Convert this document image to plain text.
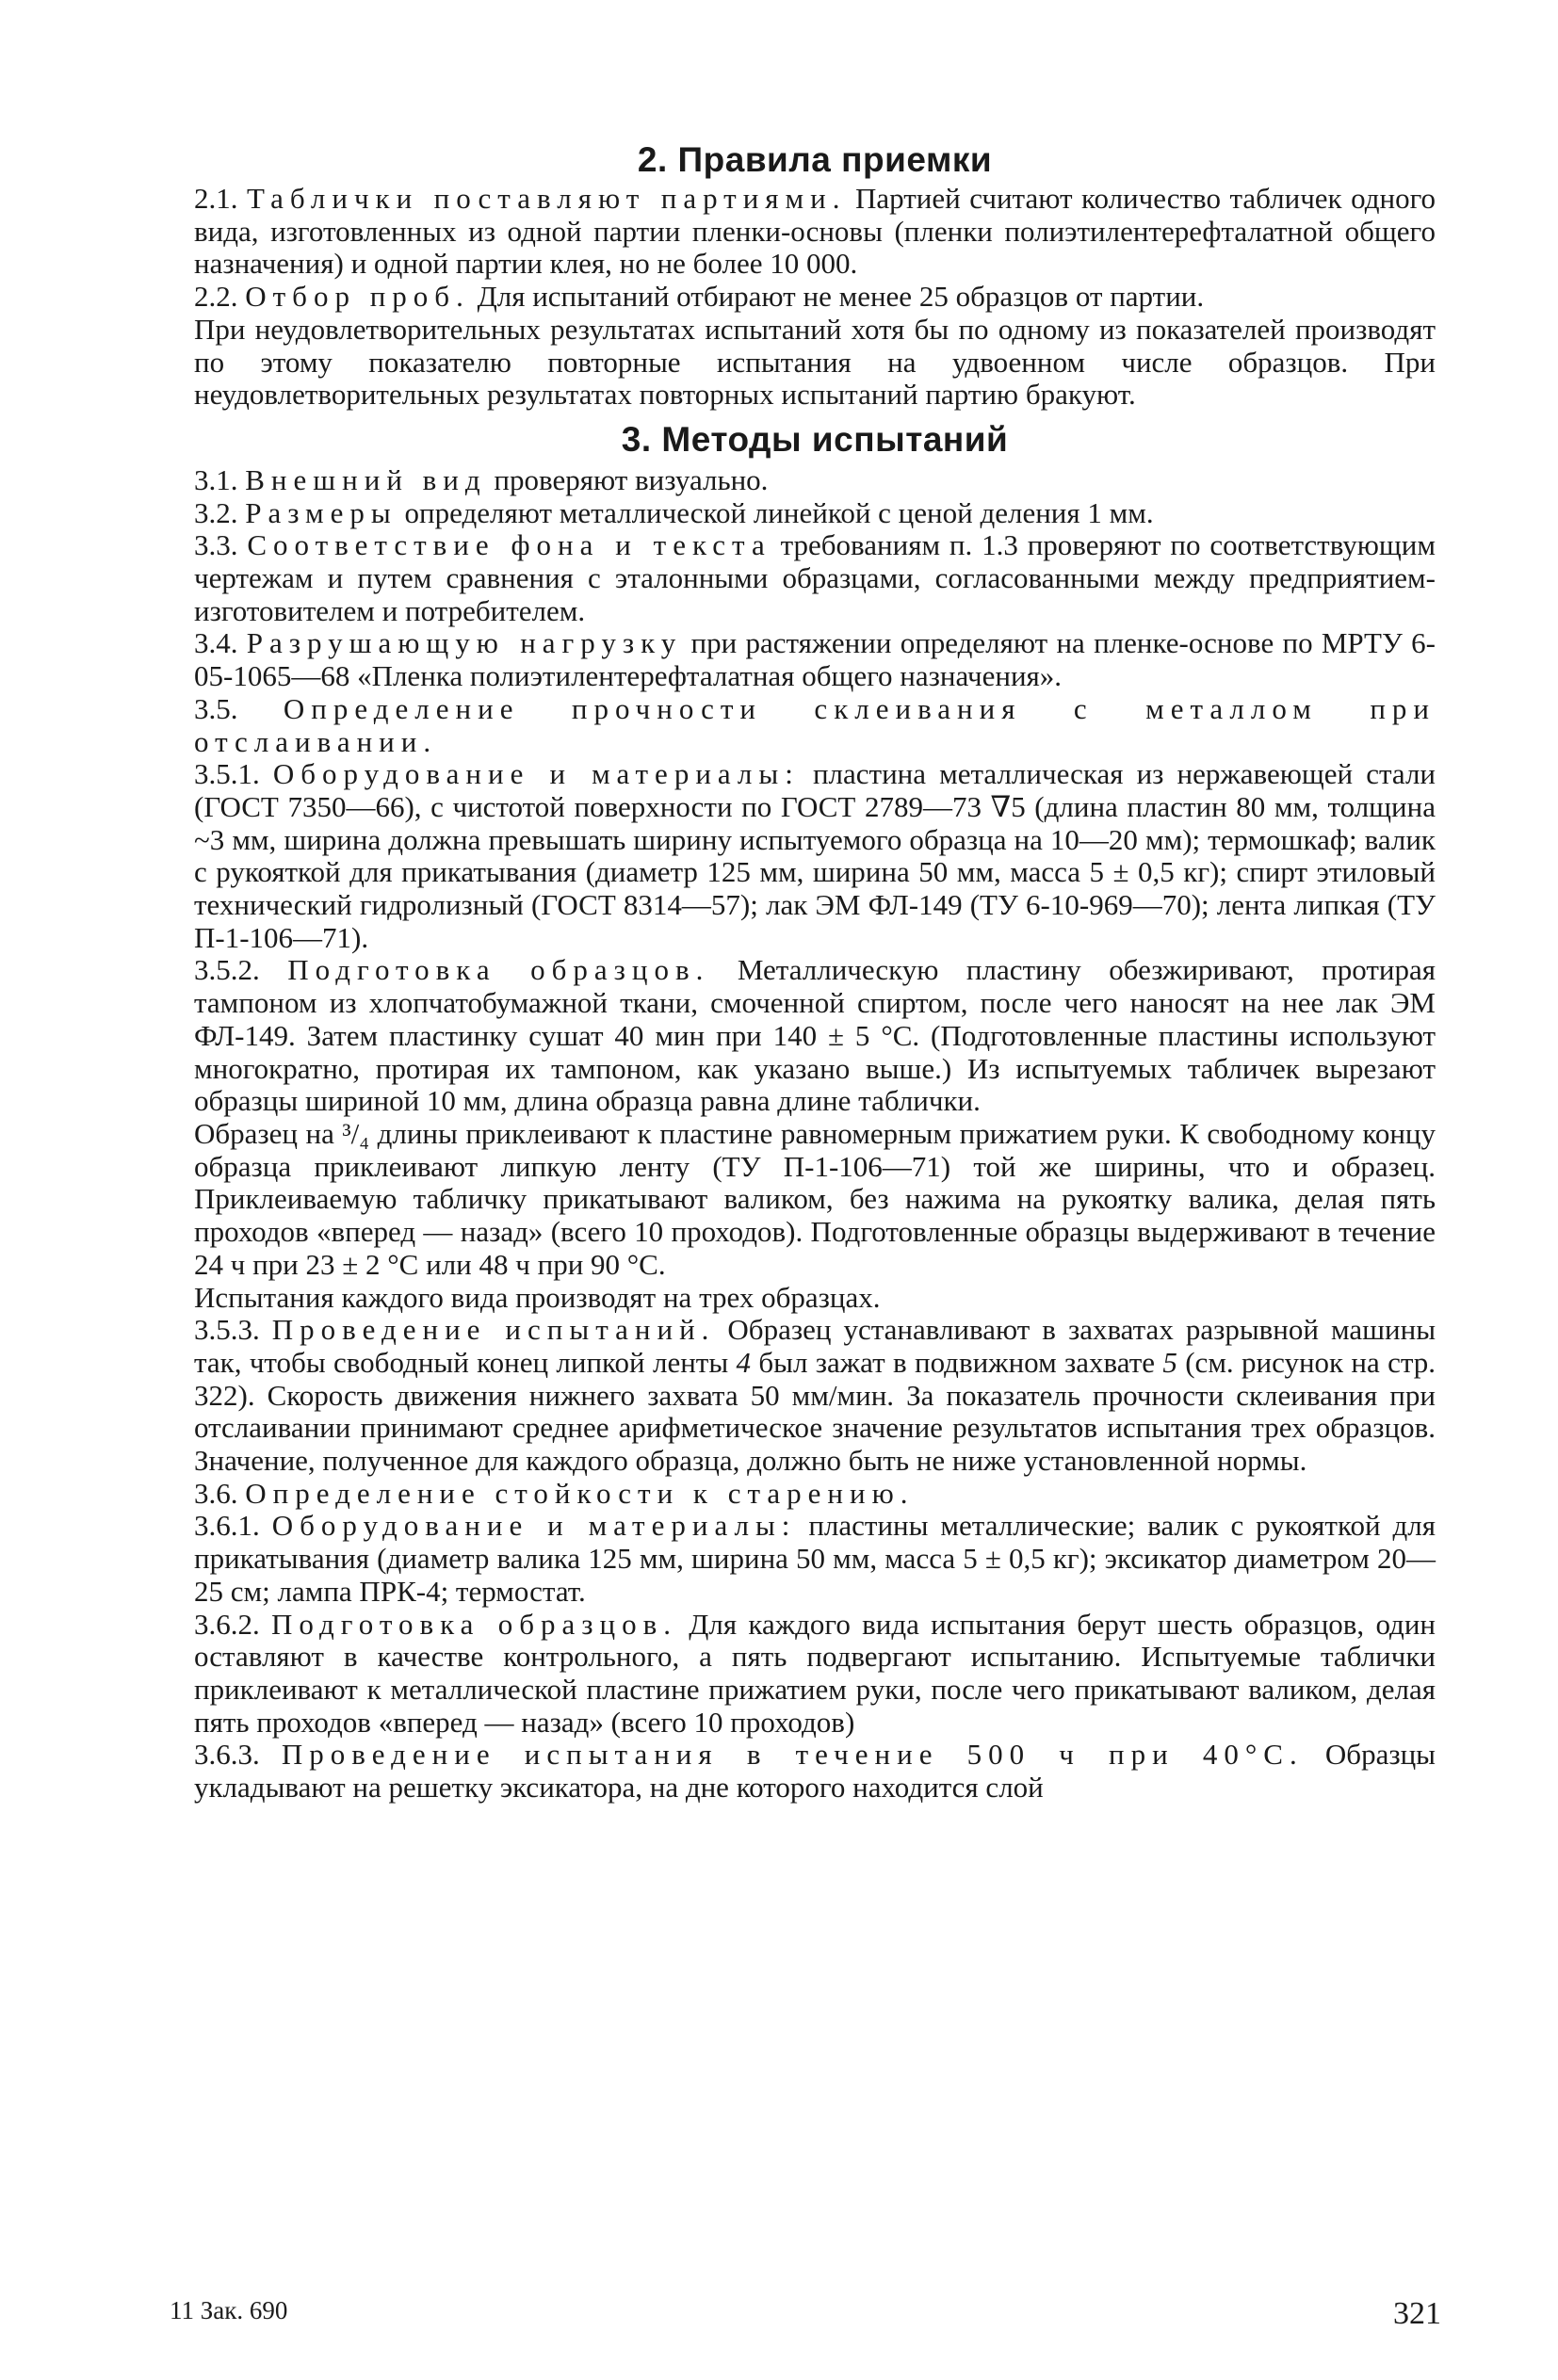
2. Правила приемки

2.1. Таблички поставляют партиями. Партией считают количество табличек одного вида, изготовленных из одной партии пленки-основы (пленки полиэтилентерефталатной общего назначения) и одной партии клея, но не более 10 000.

2.2. Отбор проб. Для испытаний отбирают не менее 25 образцов от партии.

При неудовлетворительных результатах испытаний хотя бы по одному из показателей производят по этому показателю повторные испытания на удвоенном числе образцов. При неудовлетворительных результатах повторных испытаний партию бракуют.

3. Методы испытаний

3.1. Внешний вид проверяют визуально.

3.2. Размеры определяют металлической линейкой с ценой деления 1 мм.

3.3. Соответствие фона и текста требованиям п. 1.3 проверяют по соответствующим чертежам и путем сравнения с эталонными образцами, согласованными между предприятием-изготовителем и потребителем.

3.4. Разрушающую нагрузку при растяжении определяют на пленке-основе по МРТУ 6-05-1065—68 «Пленка полиэтилентерефталатная общего назначения».

3.5. Определение прочности склеивания с металлом при отслаивании.

3.5.1. Оборудование и материалы: пластина металлическая из нержавеющей стали (ГОСТ 7350—66), с чистотой поверхности по ГОСТ 2789—73 ∇5 (длина пластин 80 мм, толщина ~3 мм, ширина должна превышать ширину испытуемого образца на 10—20 мм); термошкаф; валик с рукояткой для прикатывания (диаметр 125 мм, ширина 50 мм, масса 5 ± 0,5 кг); спирт этиловый технический гидролизный (ГОСТ 8314—57); лак ЭМ ФЛ-149 (ТУ 6-10-969—70); лента липкая (ТУ П-1-106—71).

3.5.2. Подготовка образцов. Металлическую пластину обезжиривают, протирая тампоном из хлопчатобумажной ткани, смоченной спиртом, после чего наносят на нее лак ЭМ ФЛ-149. Затем пластинку сушат 40 мин при 140 ± 5 °С. (Подготовленные пластины используют многократно, протирая их тампоном, как указано выше.) Из испытуемых табличек вырезают образцы шириной 10 мм, длина образца равна длине таблички.

Образец на ³/₄ длины приклеивают к пластине равномерным прижатием руки. К свободному концу образца приклеивают липкую ленту (ТУ П-1-106—71) той же ширины, что и образец. Приклеиваемую табличку прикатывают валиком, без нажима на рукоятку валика, делая пять проходов «вперед — назад» (всего 10 проходов). Подготовленные образцы выдерживают в течение 24 ч при 23 ± 2 °С или 48 ч при 90 °С.

Испытания каждого вида производят на трех образцах.

3.5.3. Проведение испытаний. Образец устанавливают в захватах разрывной машины так, чтобы свободный конец липкой ленты 4 был зажат в подвижном захвате 5 (см. рисунок на стр. 322). Скорость движения нижнего захвата 50 мм/мин. За показатель прочности склеивания при отслаивании принимают среднее арифметическое значение результатов испытания трех образцов. Значение, полученное для каждого образца, должно быть не ниже установленной нормы.

3.6. Определение стойкости к старению.

3.6.1. Оборудование и материалы: пластины металлические; валик с рукояткой для прикатывания (диаметр валика 125 мм, ширина 50 мм, масса 5 ± 0,5 кг); эксикатор диаметром 20—25 см; лампа ПРК-4; термостат.

3.6.2. Подготовка образцов. Для каждого вида испытания берут шесть образцов, один оставляют в качестве контрольного, а пять подвергают испытанию. Испытуемые таблички приклеивают к металлической пластине прижатием руки, после чего прикатывают валиком, делая пять проходов «вперед — назад» (всего 10 проходов)

3.6.3. Проведение испытания в течение 500 ч при 40°С. Образцы укладывают на решетку эксикатора, на дне которого находится слой

11 Зак. 690	321
